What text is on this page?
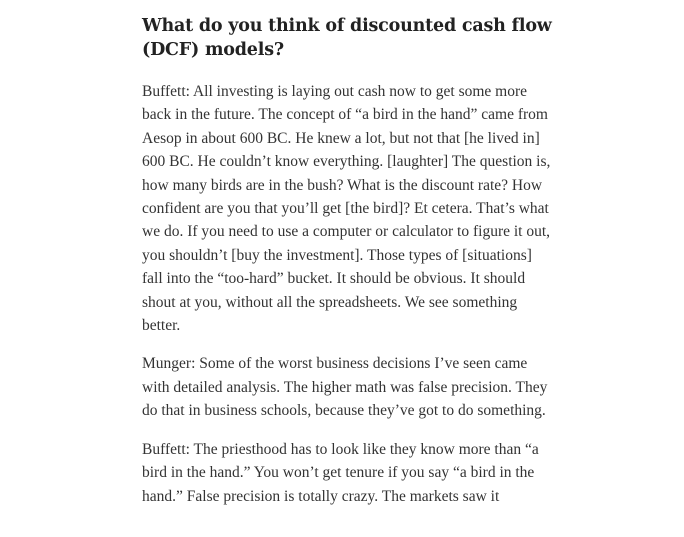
What do you think of discounted cash flow (DCF) models?

Buffett: All investing is laying out cash now to get some more back in the future. The concept of “a bird in the hand” came from Aesop in about 600 BC. He knew a lot, but not that [he lived in] 600 BC. He couldn’t know everything. [laughter] The question is, how many birds are in the bush? What is the discount rate? How confident are you that you’ll get [the bird]? Et cetera. That’s what we do. If you need to use a computer or calculator to figure it out, you shouldn’t [buy the investment]. Those types of [situations] fall into the “too-hard” bucket. It should be obvious. It should shout at you, without all the spreadsheets. We see something better.

Munger: Some of the worst business decisions I’ve seen came with detailed analysis. The higher math was false precision. They do that in business schools, because they’ve got to do something.

Buffett: The priesthood has to look like they know more than “a bird in the hand.” You won’t get tenure if you say “a bird in the hand.” False precision is totally crazy. The markets saw it
